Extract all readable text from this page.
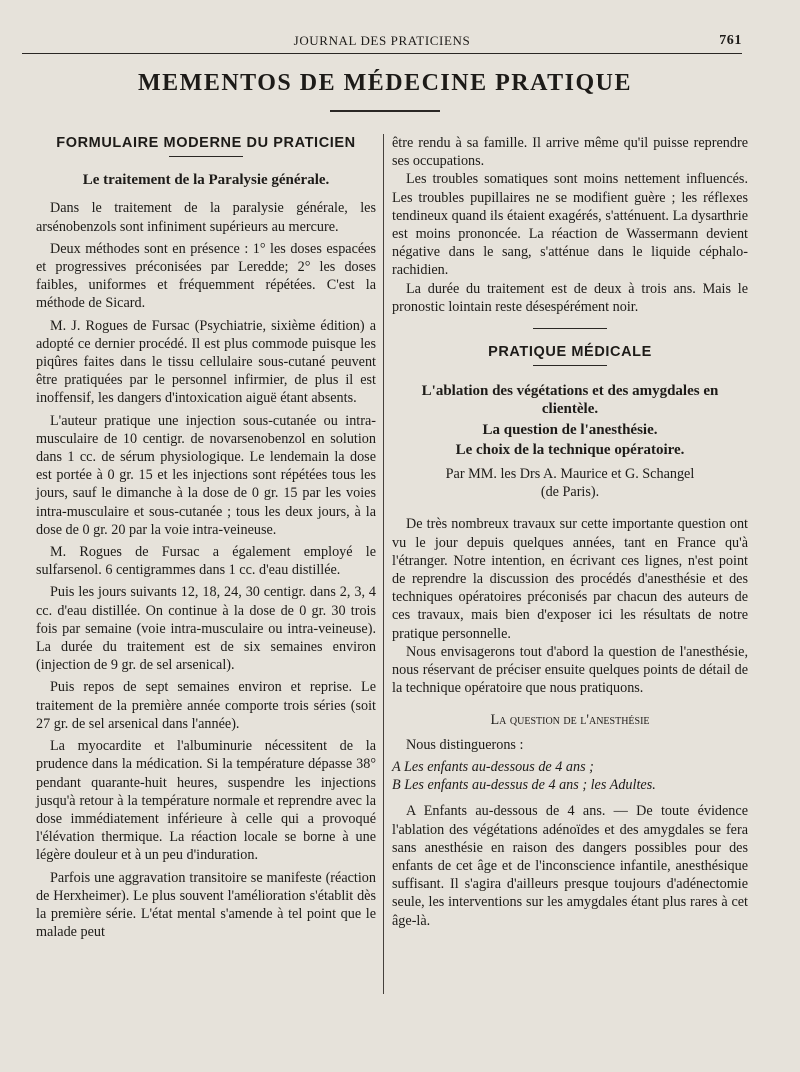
JOURNAL DES PRATICIENS	761
MEMENTOS DE MÉDECINE PRATIQUE
FORMULAIRE MODERNE DU PRATICIEN
Le traitement de la Paralysie générale.

Dans le traitement de la paralysie générale, les arsénobenzols sont infiniment supérieurs au mercure.

Deux méthodes sont en présence : 1° les doses espacées et progressives préconisées par Leredde; 2° les doses faibles, uniformes et fréquemment répétées. C'est la méthode de Sicard.

M. J. Rogues de Fursac (Psychiatrie, sixième édition) a adopté ce dernier procédé. Il est plus commode puisque les piqûres faites dans le tissu cellulaire sous-cutané peuvent être pratiquées par le personnel infirmier, de plus il est inoffensif, les dangers d'intoxication aiguë étant absents.

L'auteur pratique une injection sous-cutanée ou intra-musculaire de 10 centigr. de novarsenobenzol en solution dans 1 cc. de sérum physiologique. Le lendemain la dose est portée à 0 gr. 15 et les injections sont répétées tous les jours, sauf le dimanche à la dose de 0 gr. 15 par les voies intra-musculaire et sous-cutanée ; tous les deux jours, à la dose de 0 gr. 20 par la voie intra-veineuse.

M. Rogues de Fursac a également employé le sulfarsenol. 6 centigrammes dans 1 cc. d'eau distillée.

Puis les jours suivants 12, 18, 24, 30 centigr. dans 2, 3, 4 cc. d'eau distillée. On continue à la dose de 0 gr. 30 trois fois par semaine (voie intra-musculaire ou intra-veineuse). La durée du traitement est de six semaines environ (injection de 9 gr. de sel arsenical).

Puis repos de sept semaines environ et reprise. Le traitement de la première année comporte trois séries (soit 27 gr. de sel arsenical dans l'année).

La myocardite et l'albuminurie nécessitent de la prudence dans la médication. Si la température dépasse 38° pendant quarante-huit heures, suspendre les injections jusqu'à retour à la température normale et reprendre avec la dose immédiatement inférieure à celle qui a provoqué l'élévation thermique. La réaction locale se borne à une légère douleur et à un peu d'induration.

Parfois une aggravation transitoire se manifeste (réaction de Herxheimer). Le plus souvent l'amélioration s'établit dès la première série. L'état mental s'amende à tel point que le malade peut

être rendu à sa famille. Il arrive même qu'il puisse reprendre ses occupations.

Les troubles somatiques sont moins nettement influencés. Les troubles pupillaires ne se modifient guère ; les réflexes tendineux quand ils étaient exagérés, s'atténuent. La dysarthrie est moins prononcée. La réaction de Wassermann devient négative dans le sang, s'atténue dans le liquide céphalo-rachidien.

La durée du traitement est de deux à trois ans. Mais le pronostic lointain reste désespérément noir.

PRATIQUE MÉDICALE
L'ablation des végétations et des amygdales en clientèle.
La question de l'anesthésie.
Le choix de la technique opératoire.
Par MM. les Drs A. Maurice et G. Schangel
(de Paris).

De très nombreux travaux sur cette importante question ont vu le jour depuis quelques années, tant en France qu'à l'étranger. Notre intention, en écrivant ces lignes, n'est point de reprendre la discussion des procédés d'anesthésie et des techniques opératoires préconisés par chacun des auteurs de ces travaux, mais bien d'exposer ici les résultats de notre pratique personnelle.

Nous envisagerons tout d'abord la question de l'anesthésie, nous réservant de préciser ensuite quelques points de détail de la technique opératoire que nous pratiquons.

La question de l'anesthésie

Nous distinguerons :

A Les enfants au-dessous de 4 ans ;

B Les enfants au-dessus de 4 ans ; les Adultes.

A Enfants au-dessous de 4 ans. — De toute évidence l'ablation des végétations adénoïdes et des amygdales se fera sans anesthésie en raison des dangers possibles pour des enfants de cet âge et de l'inconscience infantile, anesthésique suffisant. Il s'agira d'ailleurs presque toujours d'adénectomie seule, les interventions sur les amygdales étant plus rares à cet âge-là.
